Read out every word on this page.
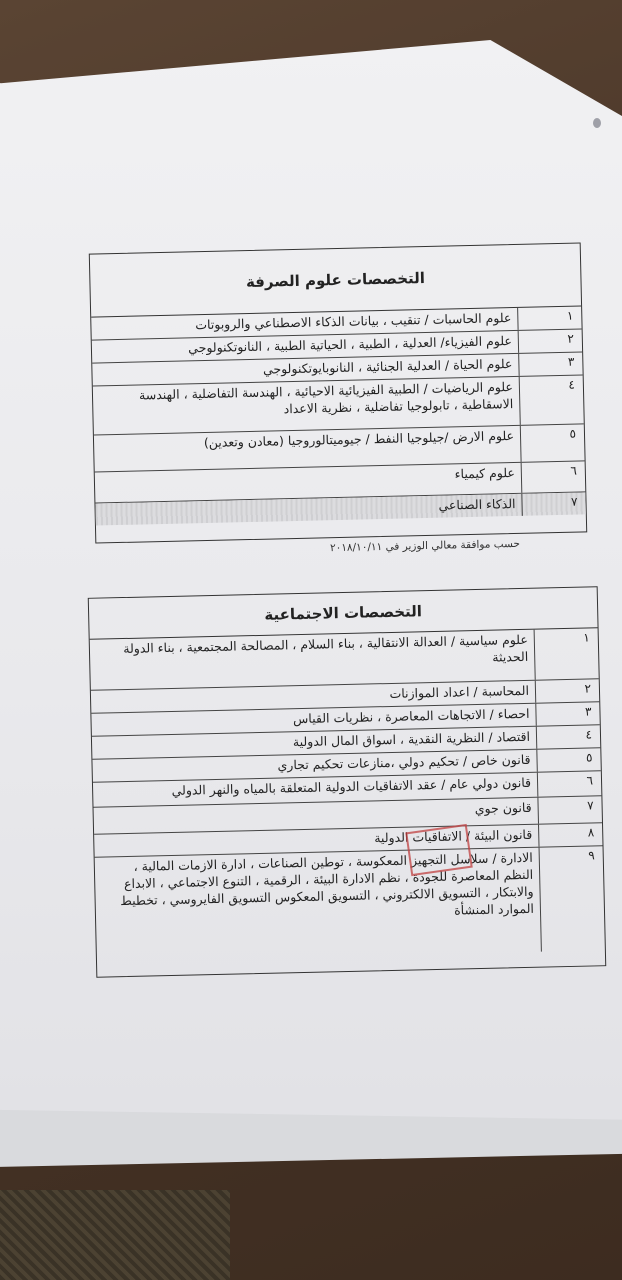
التخصصات علوم الصرفة
١
علوم الحاسبات / تنقيب ، بيانات الذكاء الاصطناعي والروبوتات
٢
علوم الفيزياء/ العدلية ، الطبية ، الحياتية الطبية ، النانوتكنولوجي
٣
علوم الحياة / العدلية الجنائية ، النانوبايوتكنولوجي
٤
علوم الرياضيات / الطبية الفيزيائية الاحيائية ، الهندسة التفاضلية ، الهندسة الاسقاطية ، تابولوجيا تفاضلية ، نظرية الاعداد
٥
علوم الارض /جيلوجيا النفط / جيوميتالوروجيا (معادن وتعدين)
٦
علوم كيمياء
٧
الذكاء الصناعي
حسب موافقة معالي الوزير في ٢٠١٨/١٠/١١
التخصصات الاجتماعية
١
علوم سياسية / العدالة الانتقالية ، بناء السلام ، المصالحة المجتمعية ، بناء الدولة الحديثة
٢
المحاسبة / اعداد الموازنات
٣
احصاء / الاتجاهات المعاصرة ، نظريات القياس
٤
اقتصاد / النظرية النقدية ، اسواق المال الدولية
٥
قانون خاص / تحكيم دولي ،منازعات تحكيم تجاري
٦
قانون دولي عام / عقد الاتفاقيات الدولية المتعلقة بالمياه والنهر الدولي
٧
قانون جوي
٨
قانون البيئة / الاتفاقيات الدولية
٩
الادارة / سلاسل التجهيز المعكوسة ، توطين الصناعات ، ادارة الازمات المالية ، النظم المعاصرة للجودة ، نظم الادارة البيئة ، الرقمية ، التنوع الاجتماعي ، الابداع والابتكار ، التسويق الالكتروني ، التسويق المعكوس التسويق الفايروسي ، تخطيط الموارد المنشأة
